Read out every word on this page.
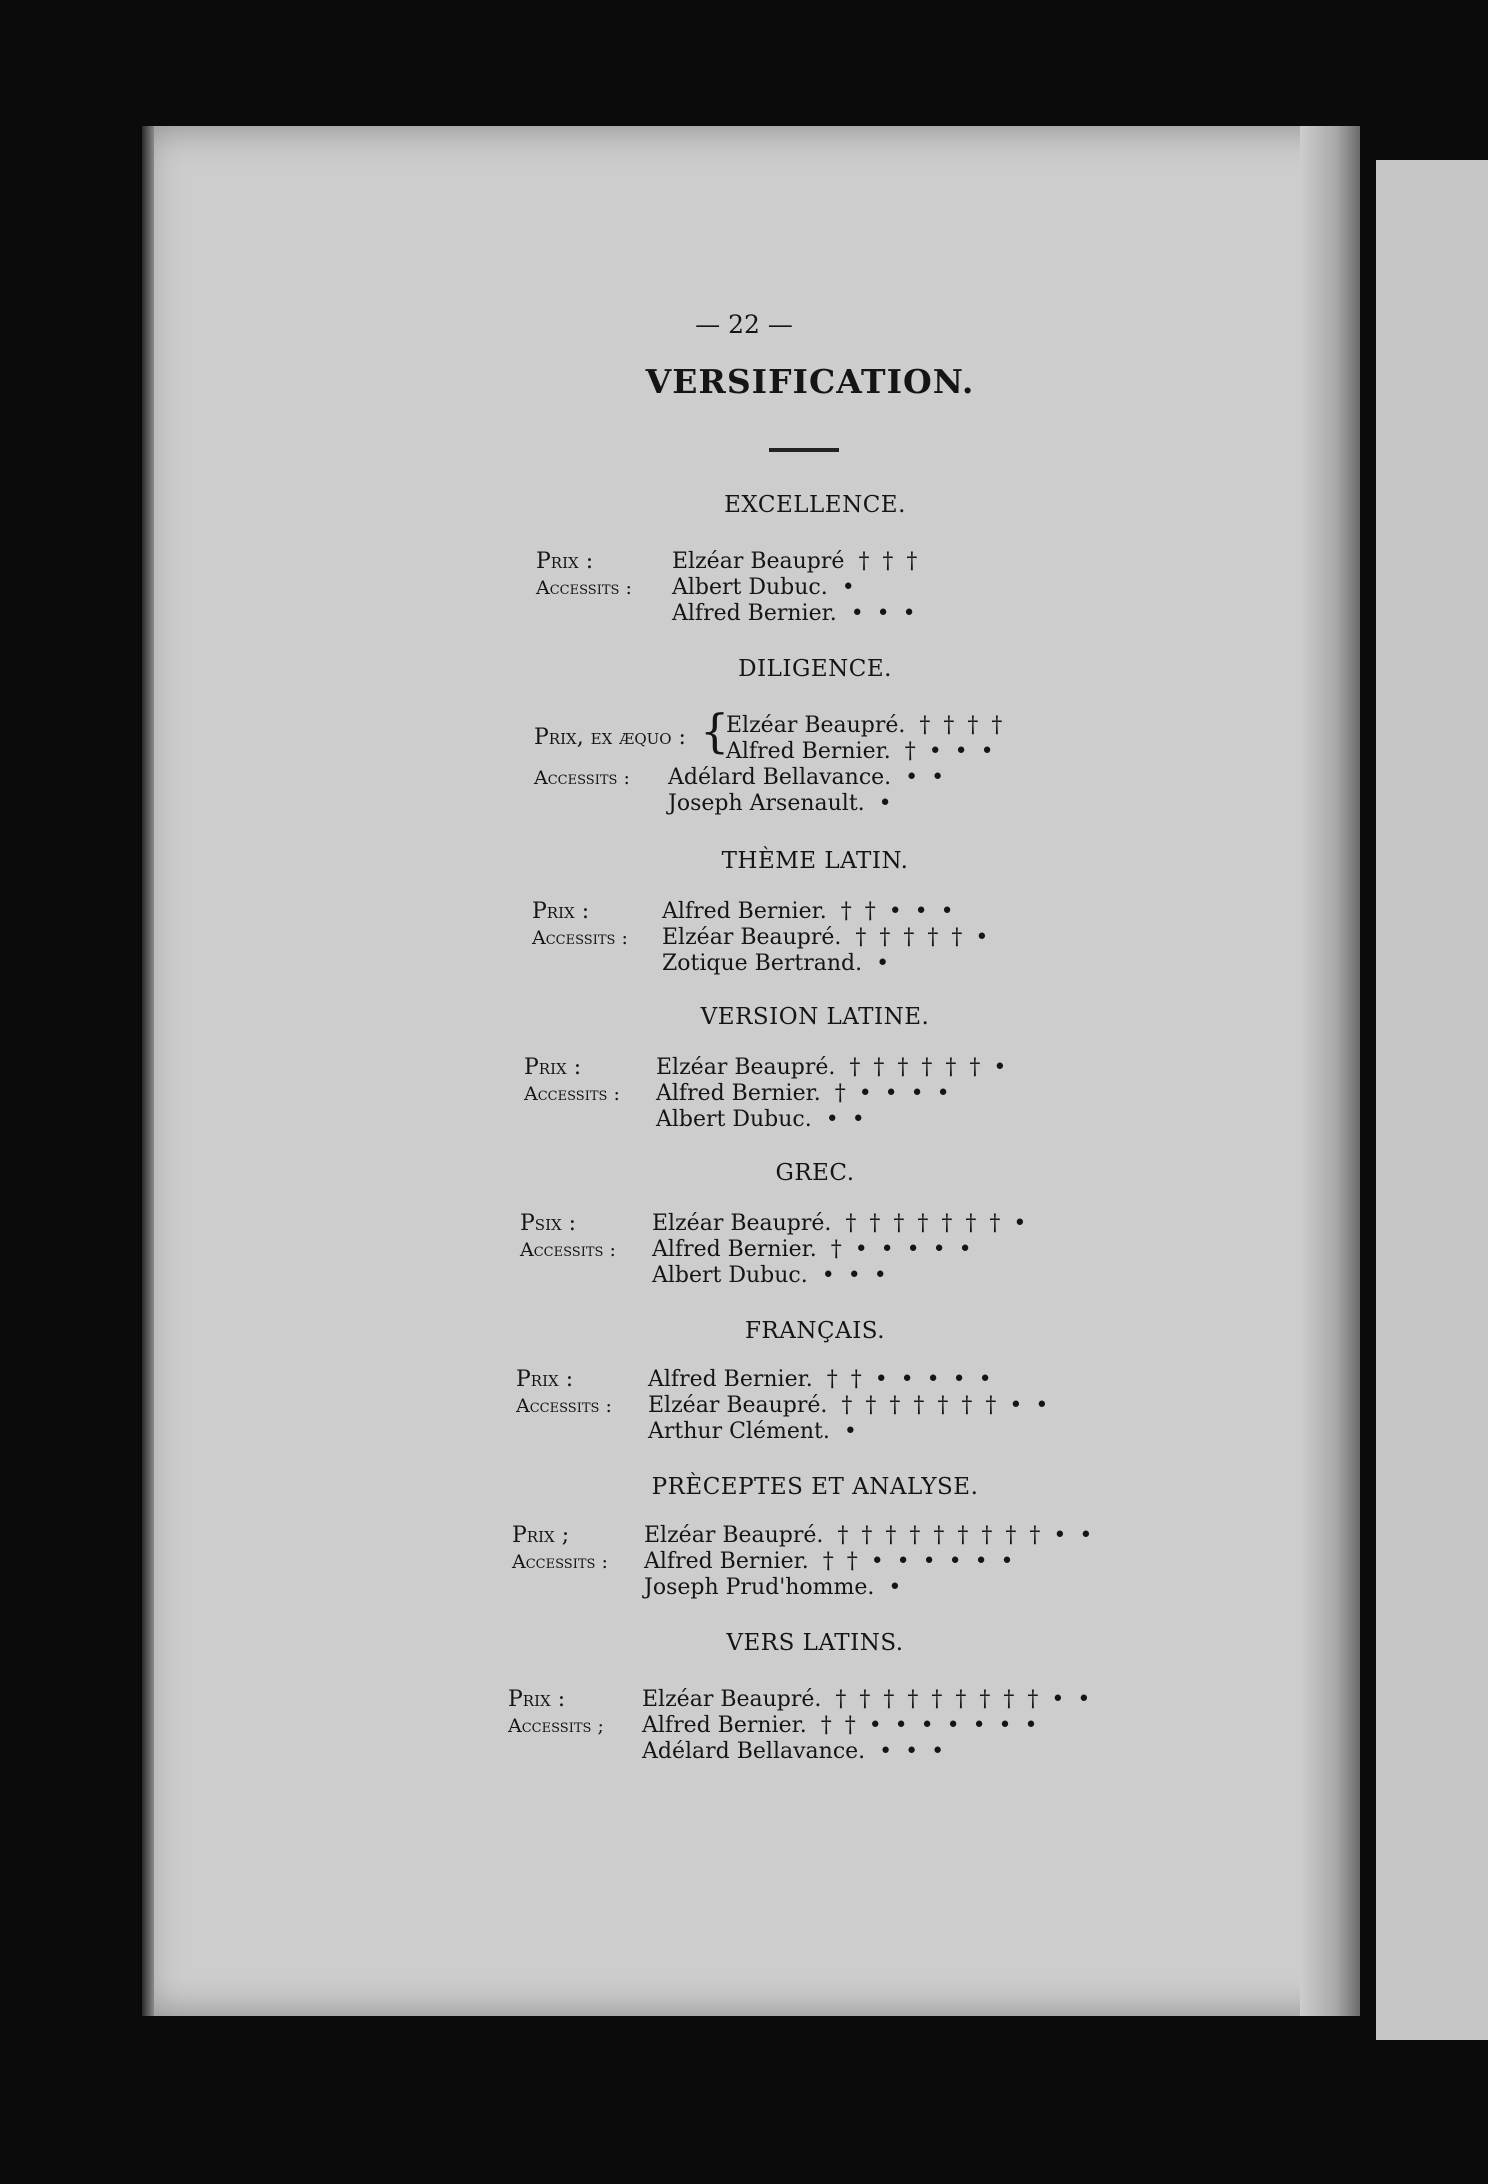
— 22 —
VERSIFICATION.
EXCELLENCE.
Prix :	Elzéar Beaupré † † †
Accessits : Albert Dubuc. •
Alfred Bernier. • • •
DILIGENCE.
Prix, ex æquo : {
Elzéar Beaupré. † † † †
Alfred Bernier. † • • •
Accessits : Adélard Bellavance. • •
Joseph Arsenault. •
THÈME LATIN.
Prix :	Alfred Bernier. † † • • •
Accessits : Elzéar Beaupré. † † † † † •
Zotique Bertrand. •
VERSION LATINE.
Prix :	Elzéar Beaupré. † † † † † † •
Accessits : Alfred Bernier. † • • • •
Albert Dubuc. • •
GREC.
Psix :	Elzéar Beaupré. † † † † † † † •
Accessits : Alfred Bernier. † • • • • •
Albert Dubuc. • • •
FRANÇAIS.
Prix :	Alfred Bernier. † † • • • • •
Accessits : Elzéar Beaupré. † † † † † † † • •
Arthur Clément. •
PRÈCEPTES ET ANALYSE.
Prix ;	Elzéar Beaupré. † † † † † † † † † • •
Accessits : Alfred Bernier. † † • • • • • •
Joseph Prud'homme. •
VERS LATINS.
Prix :	Elzéar Beaupré. † † † † † † † † † • •
Accessits ; Alfred Bernier. † † • • • • • • •
Adélard Bellavance. • • •
